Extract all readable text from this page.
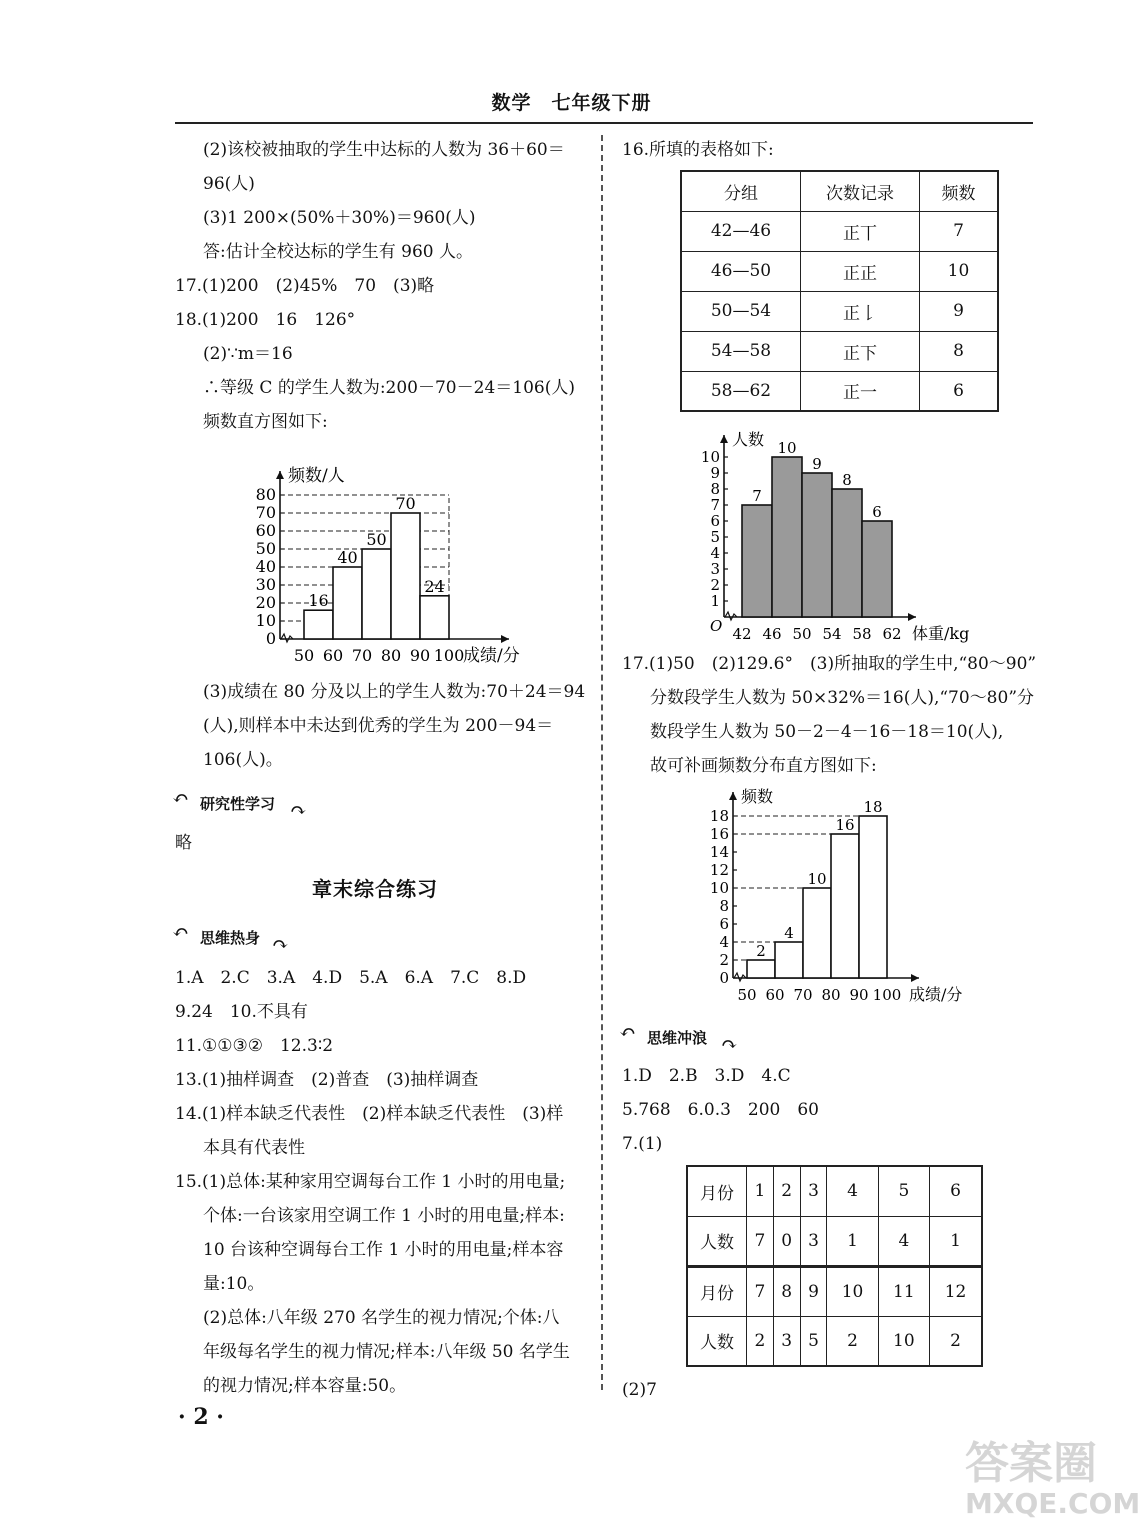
数学　七年级下册
(2)该校被抽取的学生中达标的人数为 36＋60＝
96(人)
(3)1 200×(50%＋30%)＝960(人)
答:估计全校达标的学生有 960 人。
17.(1)200　(2)45%　70　(3)略
18.(1)200　16　126°
(2)∵m＝16
∴等级 C 的学生人数为:200－70－24＝106(人)
频数直方图如下:
0
10
20
30
40
50
60
70
80
16
40
50
70
24
50 60 70 80 90 100
频数/人
成绩/分
(3)成绩在 80 分及以上的学生人数为:70＋24＝94
(人),则样本中未达到优秀的学生为 200－94＝
106(人)。
↶ 研究性学习 ↷
略
章末综合练习
↶ 思维热身 ↷
1.A　2.C　3.A　4.D　5.A　6.A　7.C　8.D
9.24　10.不具有
11.①①③②　12.3∶2
13.(1)抽样调查　(2)普查　(3)抽样调查
14.(1)样本缺乏代表性　(2)样本缺乏代表性　(3)样
本具有代表性
15.(1)总体:某种家用空调每台工作 1 小时的用电量;
个体:一台该家用空调工作 1 小时的用电量;样本:
10 台该种空调每台工作 1 小时的用电量;样本容
量:10。
(2)总体:八年级 270 名学生的视力情况;个体:八
年级每名学生的视力情况;样本:八年级 50 名学生
的视力情况;样本容量:50。
· 2 ·
16.所填的表格如下:
分组	次数记录	频数
42—46	正丅	7
46—50	正正	10
50—54	正𠄌	9
54—58	正下	8
58—62	正一	6
1
2
3
4
5
6
7
8
9
10
7
10
9
8
6
42 46 50 54 58 62
O
人数
体重/kg
17.(1)50　(2)129.6°　(3)所抽取的学生中,“80～90”
分数段学生人数为 50×32%＝16(人),“70～80”分
数段学生人数为 50－2－4－16－18＝10(人),
故可补画频数分布直方图如下:
0
2
4
6
8
10
12
14
16
18
2
4
10
16
18
50 60 70 80 90 100
频数
成绩/分
↶ 思维冲浪 ↷
1.D　2.B　3.D　4.C
5.768　6.0.3　200　60
7.(1)
月份	1	2	3	4	5	6
人数	7	0	3	1	4	1
月份	7	8	9	10	11	12
人数	2	3	5	2	10	2
(2)7
答案圈
MXQE.COM
